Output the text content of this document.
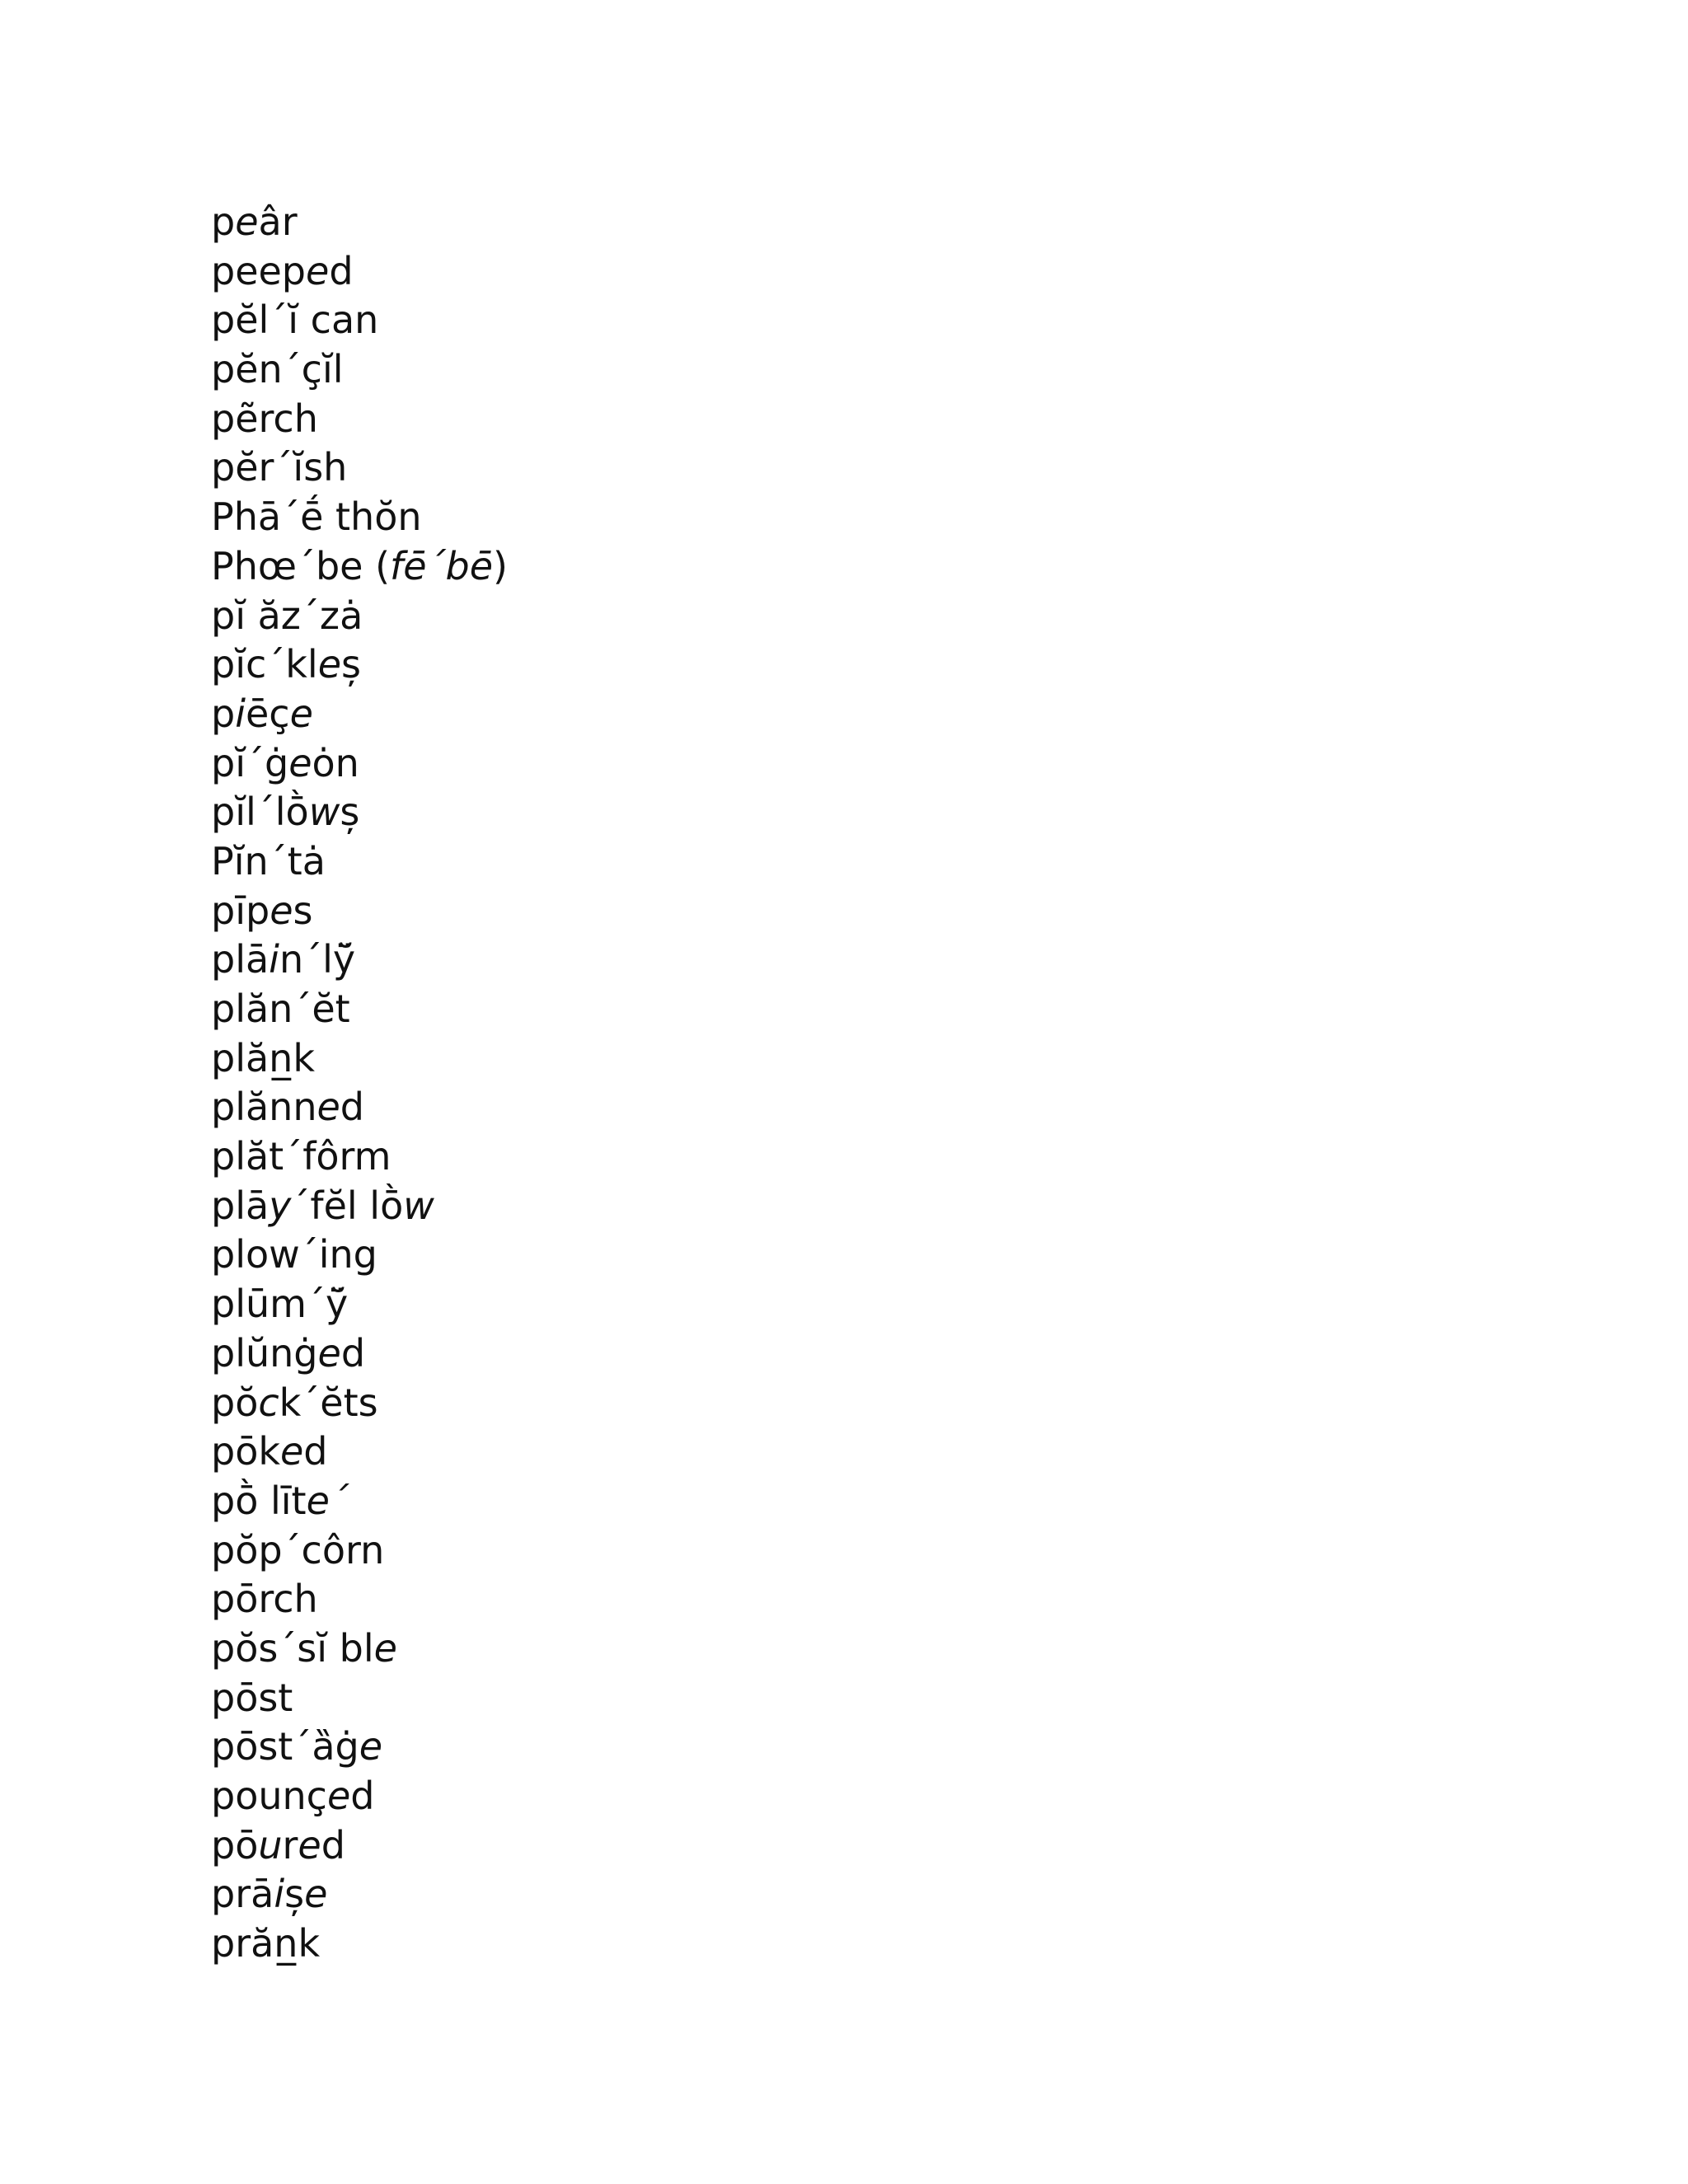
peâr
peeped
pĕl´ĭ can
pĕn´çĭl
pẽrch
pĕr´ĭsh
Phā´ḗ thŏn
Phœ´be (fē´bē)
pĭ ăz´zȧ
pĭc´kleș
piēçe
pĭ´ġeȯn
pĭl´lṑwș
Pĭn´tȧ
pīpes
plāin´lÿ̆
plăn´ĕt
plăn̲k
plănned
plăt´fôrm
plāy´fĕl lṑw
plow´ing
plūm´ÿ̆
plŭnġed
pŏck´ĕts
pōked
pṑ līte´
pŏp´côrn
pōrch
pŏs´sĭ ble
pōst
pōst´ȁġe
pounçed
pōured
prāișe
prăn̲k
